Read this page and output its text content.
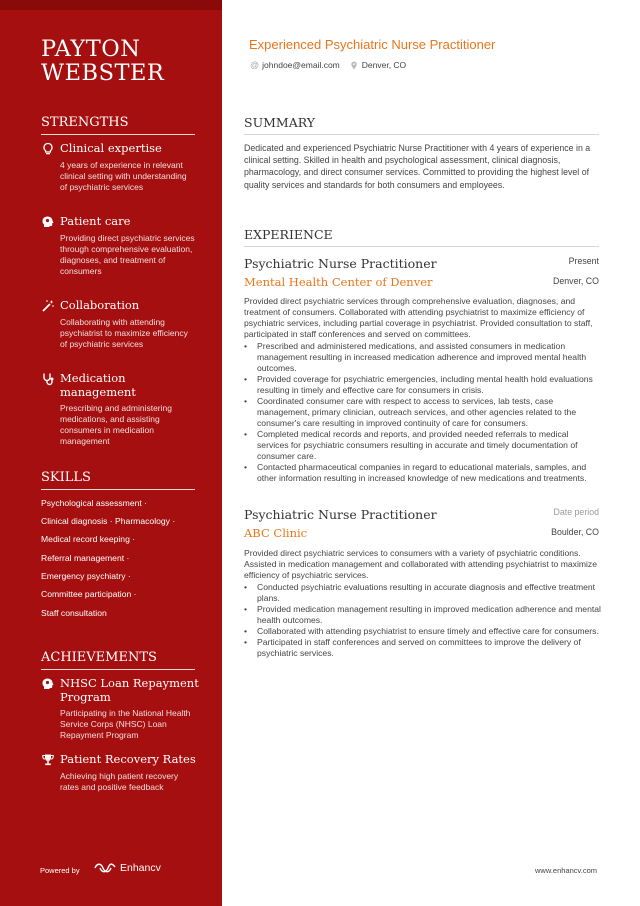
PAYTON
WEBSTER
STRENGTHS
Clinical expertise
4 years of experience in relevant clinical setting with understanding of psychiatric services
Patient care
Providing direct psychiatric services through comprehensive evaluation, diagnoses, and treatment of consumers
Collaboration
Collaborating with attending psychiatrist to maximize efficiency of psychiatric services
Medication management
Prescribing and administering medications, and assisting consumers in medication management
SKILLS
Psychological assessment ·
Clinical diagnosis · Pharmacology ·
Medical record keeping ·
Referral management ·
Emergency psychiatry ·
Committee participation ·
Staff consultation
ACHIEVEMENTS
NHSC Loan Repayment Program
Participating in the National Health Service Corps (NHSC) Loan Repayment Program
Patient Recovery Rates
Achieving high patient recovery rates and positive feedback
Powered by	Enhancv
Experienced Psychiatric Nurse Practitioner
@ johndoe@email.com	Denver, CO
SUMMARY
Dedicated and experienced Psychiatric Nurse Practitioner with 4 years of experience in a clinical setting. Skilled in health and psychological assessment, clinical diagnosis, pharmacology, and direct consumer services. Committed to providing the highest level of quality services and standards for both consumers and employees.
EXPERIENCE
Psychiatric Nurse Practitioner	Present
Mental Health Center of Denver	Denver, CO
Provided direct psychiatric services through comprehensive evaluation, diagnoses, and treatment of consumers. Collaborated with attending psychiatrist to maximize efficiency of psychiatric services, including partial coverage in psychiatrist. Provided consultation to staff, participated in staff conferences and served on committees.
• Prescribed and administered medications, and assisted consumers in medication management resulting in increased medication adherence and improved mental health outcomes.
• Provided coverage for psychiatric emergencies, including mental health hold evaluations resulting in timely and effective care for consumers in crisis.
• Coordinated consumer care with respect to access to services, lab tests, case management, primary clinician, outreach services, and other agencies related to the consumer's care resulting in improved continuity of care for consumers.
• Completed medical records and reports, and provided needed referrals to medical services for psychiatric consumers resulting in accurate and timely documentation of consumer care.
• Contacted pharmaceutical companies in regard to educational materials, samples, and other information resulting in increased knowledge of new medications and treatments.
Psychiatric Nurse Practitioner	Date period
ABC Clinic	Boulder, CO
Provided direct psychiatric services to consumers with a variety of psychiatric conditions. Assisted in medication management and collaborated with attending psychiatrist to maximize efficiency of psychiatric services.
• Conducted psychiatric evaluations resulting in accurate diagnosis and effective treatment plans.
• Provided medication management resulting in improved medication adherence and mental health outcomes.
• Collaborated with attending psychiatrist to ensure timely and effective care for consumers.
• Participated in staff conferences and served on committees to improve the delivery of psychiatric services.
www.enhancv.com
